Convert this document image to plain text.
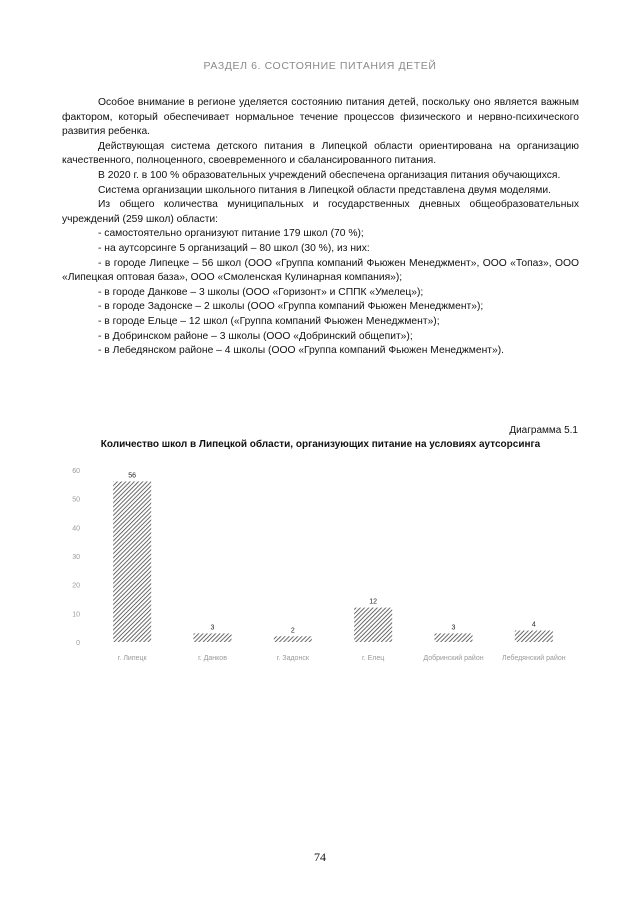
РАЗДЕЛ 6. СОСТОЯНИЕ ПИТАНИЯ ДЕТЕЙ

Особое внимание в регионе уделяется состоянию питания детей, поскольку оно является важным фактором, который обеспечивает нормальное течение процессов физического и нервно-психического развития ребенка.

Действующая система детского питания в Липецкой области ориентирована на организацию качественного, полноценного, своевременного и сбалансированного питания.

В 2020 г. в 100 % образовательных учреждений обеспечена организация питания обучающихся.

Система организации школьного питания в Липецкой области представлена двумя моделями.

Из общего количества муниципальных и государственных дневных общеобразовательных учреждений (259 школ) области:

- самостоятельно организуют питание 179 школ (70 %);

- на аутсорсинге 5 организаций – 80 школ (30 %), из них:

- в городе Липецке – 56 школ (ООО «Группа компаний Фьюжен Менеджмент», ООО «Топаз», ООО «Липецкая оптовая база», ООО «Смоленская Кулинарная компания»);

- в городе Данкове – 3 школы (ООО «Горизонт» и СППК «Умелец»);

- в городе Задонске – 2 школы (ООО «Группа компаний Фьюжен Менеджмент»);

- в городе Ельце – 12 школ («Группа компаний Фьюжен Менеджмент»);

- в Добринском районе – 3 школы (ООО «Добринский общепит»);

- в Лебедянском районе – 4 школы (ООО «Группа компаний Фьюжен Менеджмент»).

Диаграмма 5.1
Количество школ в Липецкой области, организующих питание на условиях аутсорсинга
0
10
20
30
40
50
60
56
г. Липецк
3
г. Данков
2
г. Задонск
12
г. Елец
3
Добринский район
4
Лебедянский район
74
